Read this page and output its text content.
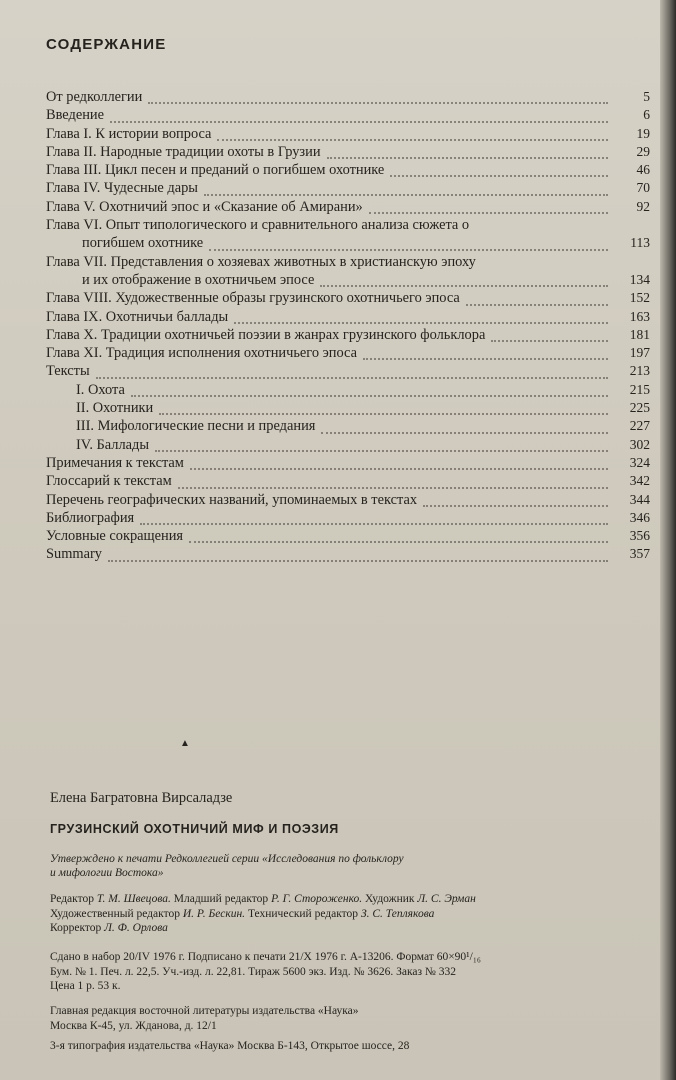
СОДЕРЖАНИЕ
От редколлегии	5
Введение	6
Глава I. К истории вопроса	19
Глава II. Народные традиции охоты в Грузии	29
Глава III. Цикл песен и преданий о погибшем охотнике	46
Глава IV. Чудесные дары	70
Глава V. Охотничий эпос и «Сказание об Амирани»	92
Глава VI. Опыт типологического и сравнительного анализа сюжета о
погибшем охотнике	113
Глава VII. Представления о хозяевах животных в христианскую эпоху
и их отображение в охотничьем эпосе	134
Глава VIII. Художественные образы грузинского охотничьего эпоса	152
Глава IX. Охотничьи баллады	163
Глава X. Традиции охотничьей поэзии в жанрах грузинского фольклора	181
Глава XI. Традиция исполнения охотничьего эпоса	197
Тексты	213
I. Охота	215
II. Охотники	225
III. Мифологические песни и предания	227
IV. Баллады	302
Примечания к текстам	324
Глоссарий к текстам	342
Перечень географических названий, упоминаемых в текстах	344
Библиография	346
Условные сокращения	356
Summary	357
▲
Елена Багратовна Вирсаладзе
ГРУЗИНСКИЙ ОХОТНИЧИЙ МИФ И ПОЭЗИЯ
Утверждено к печати Редколлегией серии «Исследования по фольклору
и мифологии Востока»
Редактор Т. М. Швецова. Младший редактор Р. Г. Стороженко. Художник Л. С. Эрман
Художественный редактор И. Р. Бескин. Технический редактор З. С. Теплякова
Корректор Л. Ф. Орлова
Сдано в набор 20/IV 1976 г. Подписано к печати 21/X 1976 г. А-13206. Формат 60×90¹/₁₆
Бум. № 1. Печ. л. 22,5. Уч.-изд. л. 22,81. Тираж 5600 экз. Изд. № 3626. Заказ № 332
Цена 1 р. 53 к.
Главная редакция восточной литературы издательства «Наука»
Москва К-45, ул. Жданова, д. 12/1
3-я типография издательства «Наука» Москва Б-143, Открытое шоссе, 28
